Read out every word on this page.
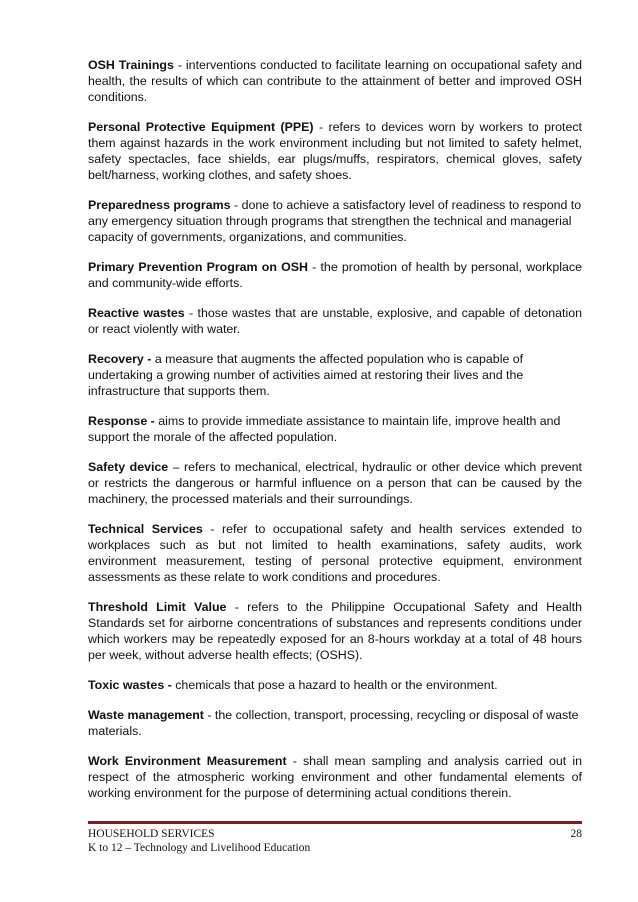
OSH Trainings - interventions conducted to facilitate learning on occupational safety and health, the results of which can contribute to the attainment of better and improved OSH conditions.

Personal Protective Equipment (PPE) - refers to devices worn by workers to protect them against hazards in the work environment including but not limited to safety helmet, safety spectacles, face shields, ear plugs/muffs, respirators, chemical gloves, safety belt/harness, working clothes, and safety shoes.

Preparedness programs - done to achieve a satisfactory level of readiness to respond to any emergency situation through programs that strengthen the technical and managerial capacity of governments, organizations, and communities.

Primary Prevention Program on OSH - the promotion of health by personal, workplace and community-wide efforts.

Reactive wastes - those wastes that are unstable, explosive, and capable of detonation or react violently with water.

Recovery - a measure that augments the affected population who is capable of undertaking a growing number of activities aimed at restoring their lives and the infrastructure that supports them.

Response - aims to provide immediate assistance to maintain life, improve health and support the morale of the affected population.

Safety device – refers to mechanical, electrical, hydraulic or other device which prevent or restricts the dangerous or harmful influence on a person that can be caused by the machinery, the processed materials and their surroundings.

Technical Services - refer to occupational safety and health services extended to workplaces such as but not limited to health examinations, safety audits, work environment measurement, testing of personal protective equipment, environment assessments as these relate to work conditions and procedures.

Threshold Limit Value - refers to the Philippine Occupational Safety and Health Standards set for airborne concentrations of substances and represents conditions under which workers may be repeatedly exposed for an 8-hours workday at a total of 48 hours per week, without adverse health effects; (OSHS).

Toxic wastes - chemicals that pose a hazard to health or the environment.

Waste management - the collection, transport, processing, recycling or disposal of waste materials.

Work Environment Measurement - shall mean sampling and analysis carried out in respect of the atmospheric working environment and other fundamental elements of working environment for the purpose of determining actual conditions therein.

HOUSEHOLD SERVICES	28
K to 12 – Technology and Livelihood Education
